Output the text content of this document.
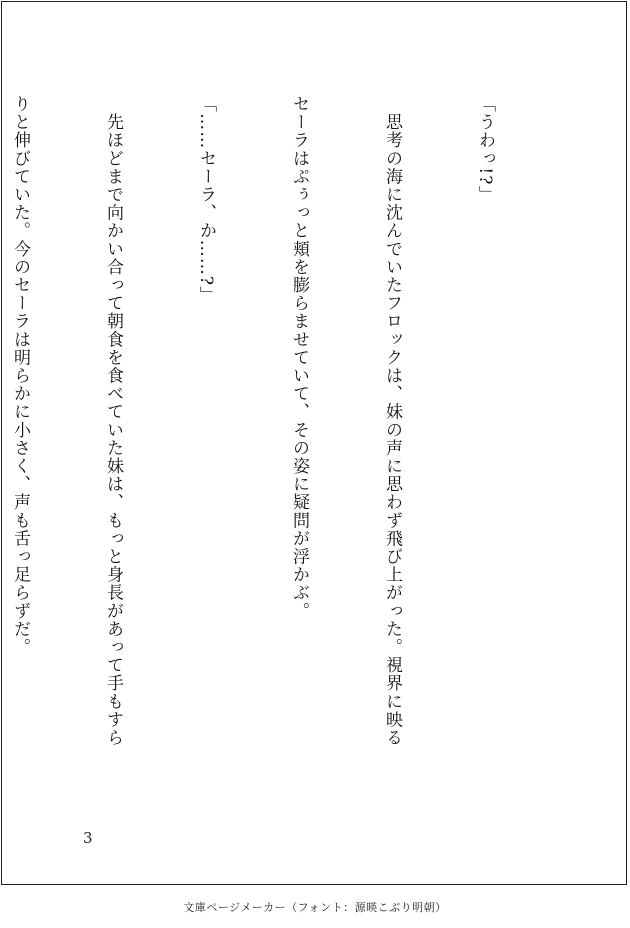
「うわっ!?」

　思考の海に沈んでいたフロックは、妹の声に思わず飛び上がった。視界に映る

セーラはぷぅっと頬を膨らませていて、その姿に疑問が浮かぶ。

「……セーラ、か……?」

　先ほどまで向かい合って朝食を食べていた妹は、もっと身長があって手もすら

りと伸びていた。今のセーラは明らかに小さく、声も舌っ足らずだ。

3
文庫ページメーカー（フォント：源暎こぶり明朝）
